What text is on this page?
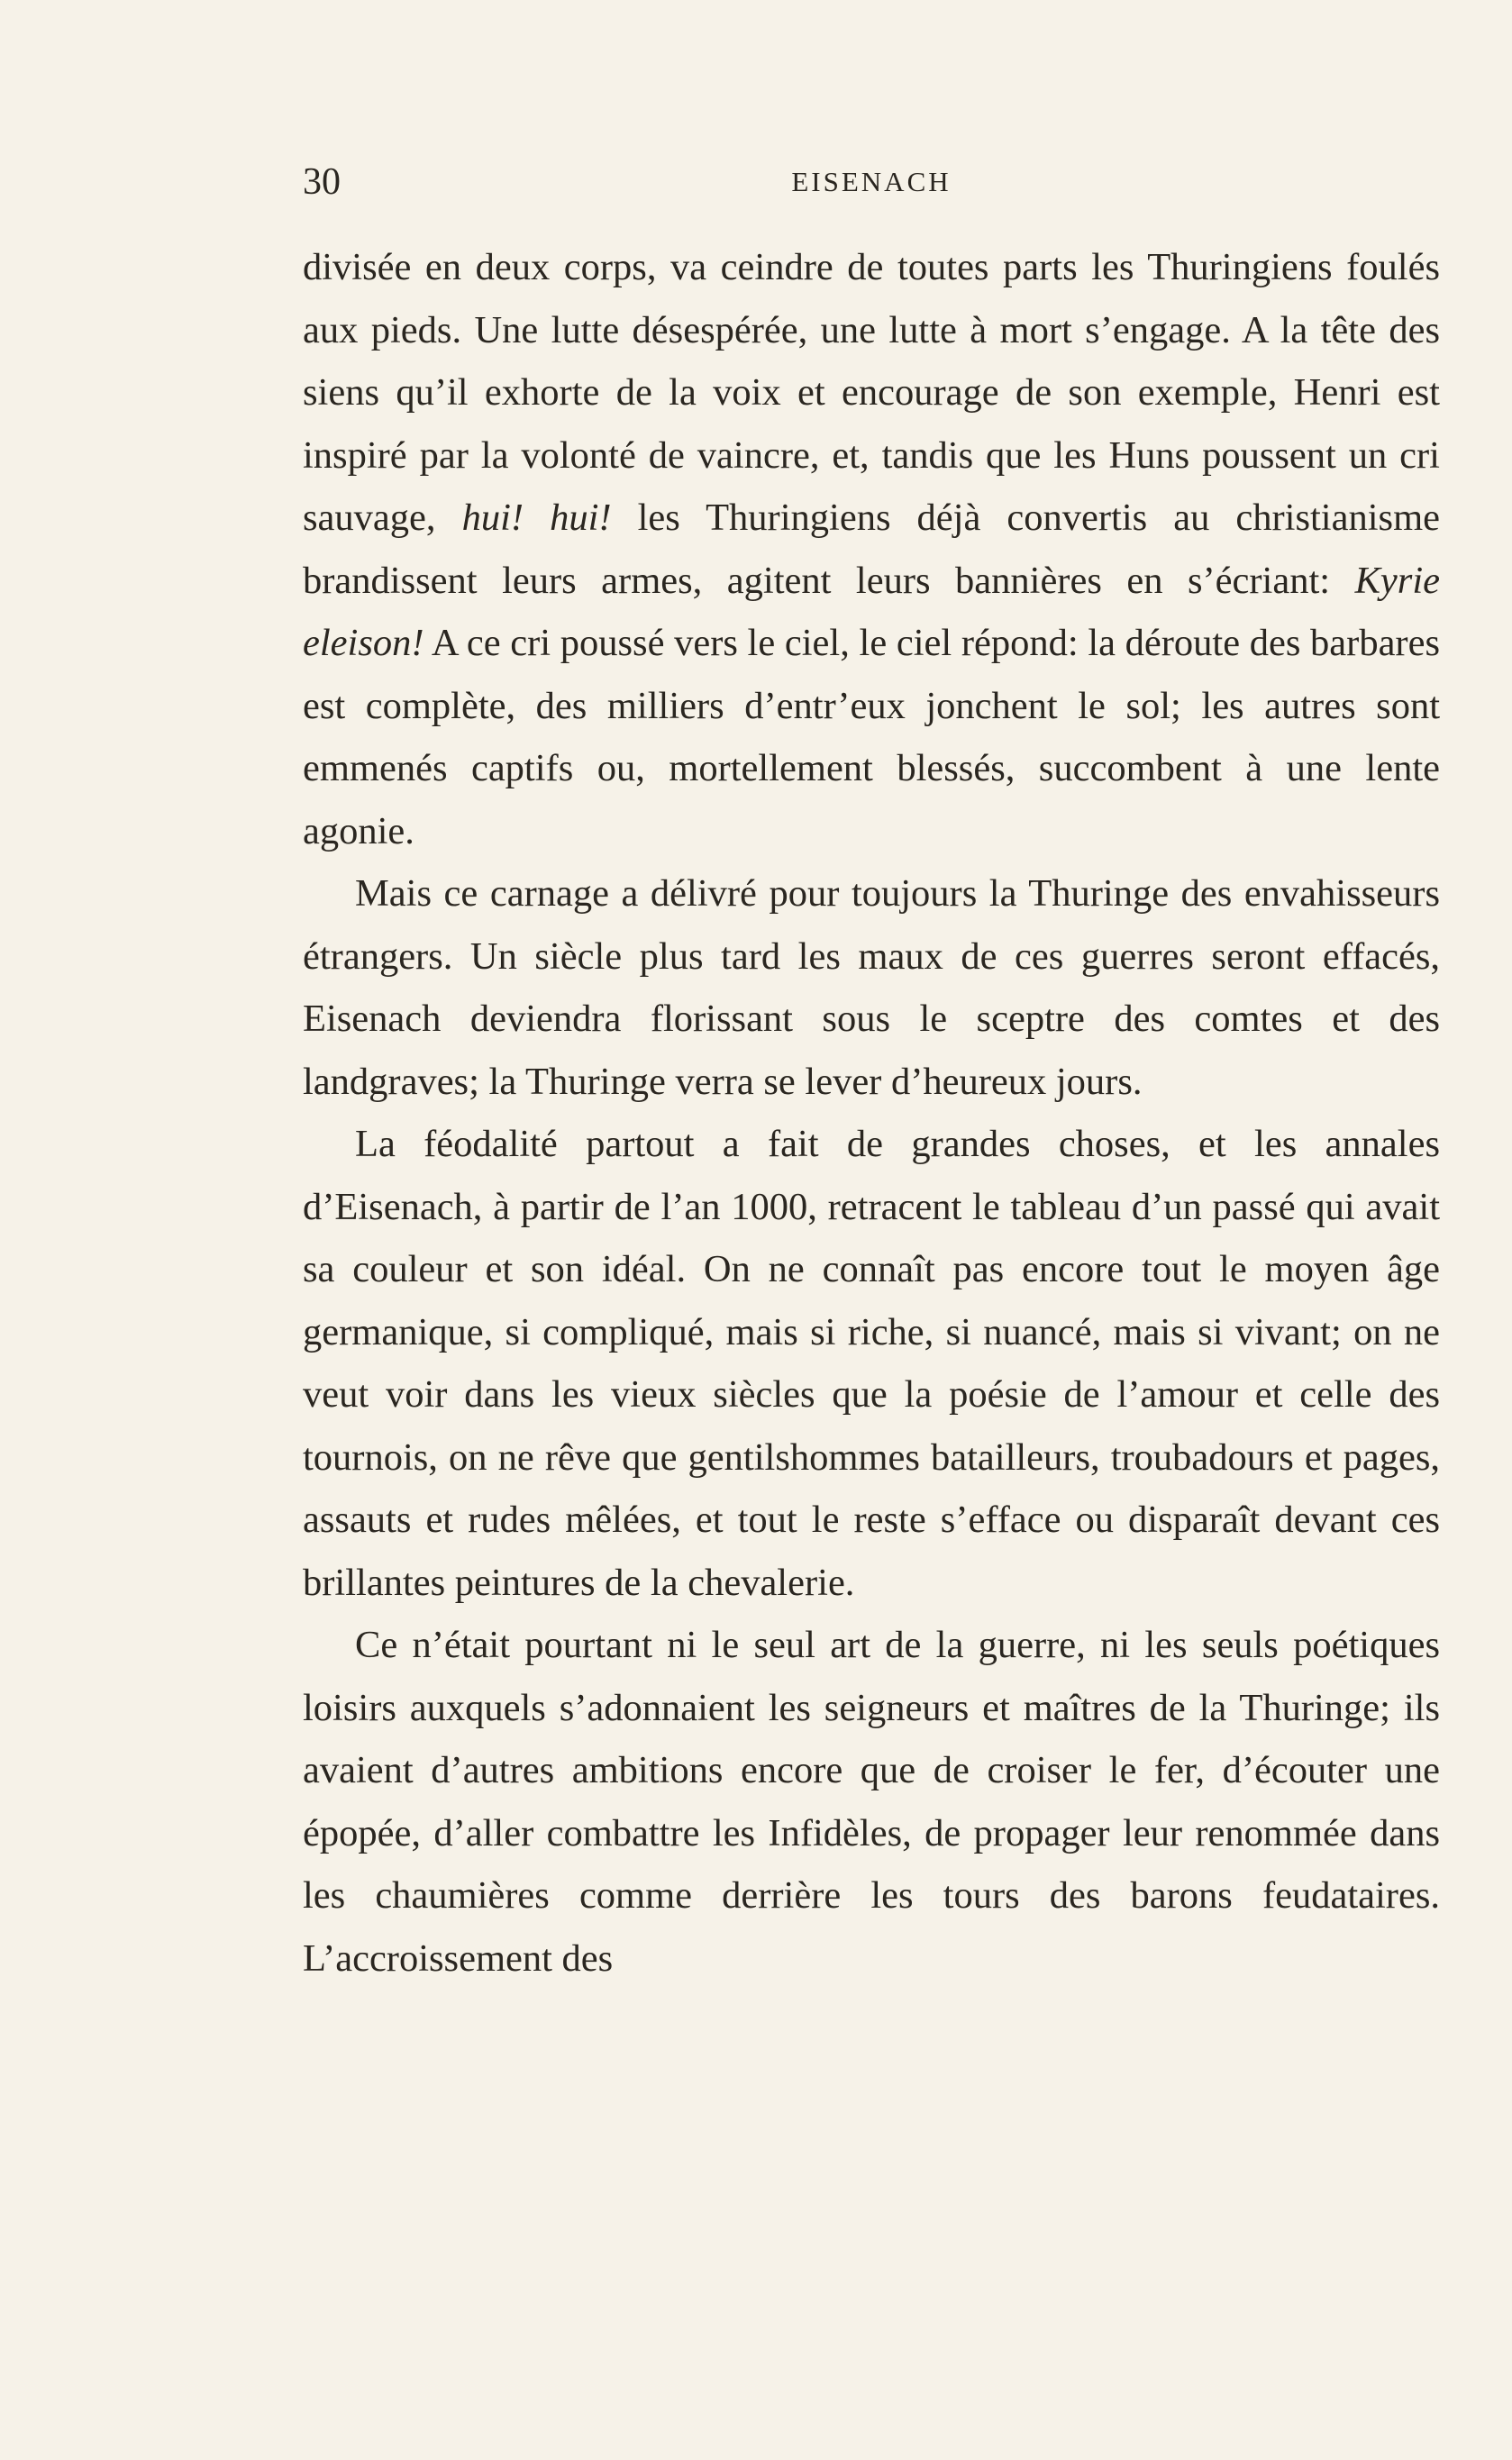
30	EISENACH

divisée en deux corps, va ceindre de toutes parts les Thuringiens foulés aux pieds. Une lutte désespérée, une lutte à mort s’engage. A la tête des siens qu’il exhorte de la voix et encourage de son exemple, Henri est inspiré par la volonté de vaincre, et, tandis que les Huns poussent un cri sauvage, hui! hui! les Thuringiens déjà convertis au christianisme brandissent leurs armes, agitent leurs bannières en s’écriant: Kyrie eleison! A ce cri poussé vers le ciel, le ciel répond: la déroute des barbares est complète, des milliers d’entr’eux jonchent le sol; les autres sont emmenés captifs ou, mortellement blessés, succombent à une lente agonie.

Mais ce carnage a délivré pour toujours la Thuringe des envahisseurs étrangers. Un siècle plus tard les maux de ces guerres seront effacés, Eisenach deviendra florissant sous le sceptre des comtes et des landgraves; la Thuringe verra se lever d’heureux jours.

La féodalité partout a fait de grandes choses, et les annales d’Eisenach, à partir de l’an 1000, retracent le tableau d’un passé qui avait sa couleur et son idéal. On ne connaît pas encore tout le moyen âge germanique, si compliqué, mais si riche, si nuancé, mais si vivant; on ne veut voir dans les vieux siècles que la poésie de l’amour et celle des tournois, on ne rêve que gentilshommes batailleurs, troubadours et pages, assauts et rudes mêlées, et tout le reste s’efface ou disparaît devant ces brillantes peintures de la chevalerie.

Ce n’était pourtant ni le seul art de la guerre, ni les seuls poétiques loisirs auxquels s’adonnaient les seigneurs et maîtres de la Thuringe; ils avaient d’autres ambitions encore que de croiser le fer, d’écouter une épopée, d’aller combattre les Infidèles, de propager leur renommée dans les chaumières comme derrière les tours des barons feudataires. L’accroissement des
